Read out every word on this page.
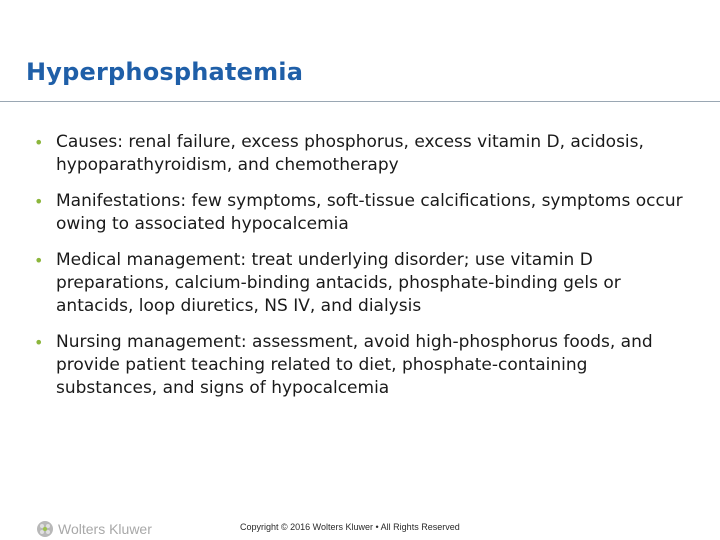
Hyperphosphatemia
• Causes: renal failure, excess phosphorus, excess vitamin D, acidosis, hypoparathyroidism, and chemotherapy
• Manifestations: few symptoms, soft-tissue calcifications, symptoms occur owing to associated hypocalcemia
• Medical management: treat underlying disorder; use vitamin D preparations, calcium-binding antacids, phosphate-binding gels or antacids, loop diuretics, NS IV, and dialysis
• Nursing management: assessment, avoid high-phosphorus foods, and provide patient teaching related to diet, phosphate-containing substances, and signs of hypocalcemia
Wolters Kluwer	Copyright © 2016 Wolters Kluwer • All Rights Reserved
